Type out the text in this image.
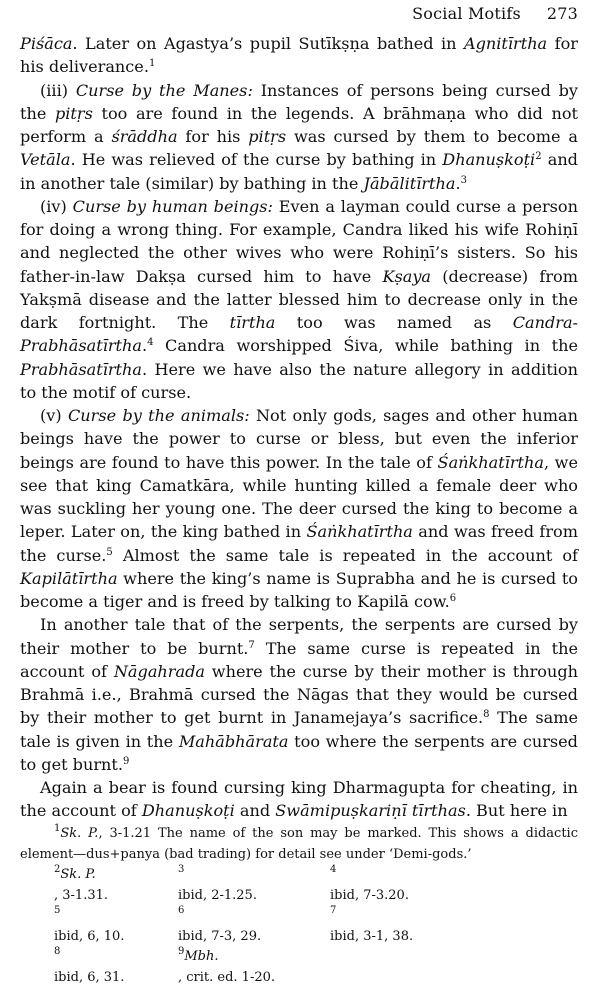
Social Motifs 273

Piśāca. Later on Agastya’s pupil Sutīkṣṇa bathed in Agnitīrtha for his deliverance.$^1$

(iii) Curse by the Manes: Instances of persons being cursed by the pitṛs too are found in the legends. A brāhmaṇa who did not perform a śrāddha for his pitṛs was cursed by them to become a Vetāla. He was relieved of the curse by bathing in Dhanuṣkoṭi$^2$ and in another tale (similar) by bathing in the Jābālitīrtha.$^3$

(iv) Curse by human beings: Even a layman could curse a person for doing a wrong thing. For example, Candra liked his wife Rohiṇī and neglected the other wives who were Rohiṇī’s sisters. So his father-in-law Dakṣa cursed him to have Kṣaya (decrease) from Yakṣmā disease and the latter blessed him to decrease only in the dark fortnight. The tīrtha too was named as Candra-Prabhāsatīrtha.$^4$ Candra worshipped Śiva, while bathing in the Prabhāsatīrtha. Here we have also the nature allegory in addition to the motif of curse.

(v) Curse by the animals: Not only gods, sages and other human beings have the power to curse or bless, but even the inferior beings are found to have this power. In the tale of Śaṅkhatīrtha, we see that king Camatkāra, while hunting killed a female deer who was suckling her young one. The deer cursed the king to become a leper. Later on, the king bathed in Śaṅkhatīrtha and was freed from the curse.$^5$ Almost the same tale is repeated in the account of Kapilātīrtha where the king’s name is Suprabha and he is cursed to become a tiger and is freed by talking to Kapilā cow.$^6$

In another tale that of the serpents, the serpents are cursed by their mother to be burnt.$^7$ The same curse is repeated in the account of Nāgahrada where the curse by their mother is through Brahmā i.e., Brahmā cursed the Nāgas that they would be cursed by their mother to get burnt in Janamejaya’s sacrifice.$^8$ The same tale is given in the Mahābhārata too where the serpents are cursed to get burnt.$^9$

Again a bear is found cursing king Dharmagupta for cheating, in the account of Dhanuṣkoṭi and Swāmipuṣkariṇī tīrthas. But here in

$^1$Sk. P., 3-1.21 The name of the son may be marked. This shows a didactic element—dus+panya (bad trading) for detail see under ‘Demi-gods.’

$^2$Sk. P.
, 3-1.31.
$^3$
ibid, 2-1.25.
$^4$
ibid, 7-3.20.
$^5$
ibid, 6, 10.
$^6$
ibid, 7-3, 29.
$^7$
ibid, 3-1, 38.
$^8$
ibid, 6, 31.
$^9$Mbh.
, crit. ed. 1-20.
